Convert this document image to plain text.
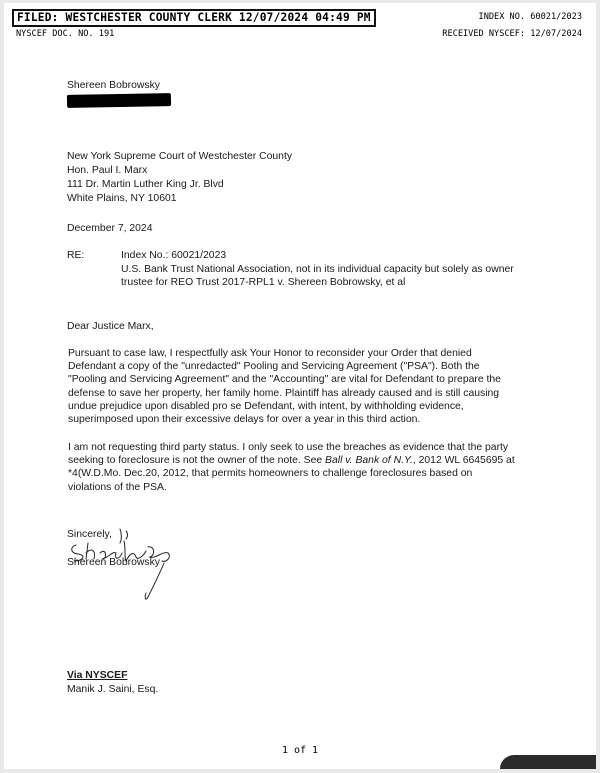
FILED: WESTCHESTER COUNTY CLERK 12/07/2024 04:49 PM	INDEX NO. 60021/2023
NYSCEF DOC. NO. 191	RECEIVED NYSCEF: 12/07/2024
Shereen Bobrowsky
New York Supreme Court of Westchester County
Hon. Paul I. Marx
111 Dr. Martin Luther King Jr. Blvd
White Plains, NY 10601
December 7, 2024
RE:	Index No.: 60021/2023
U.S. Bank Trust National Association, not in its individual capacity but solely as owner
trustee for REO Trust 2017-RPL1 v. Shereen Bobrowsky, et al
Dear Justice Marx,
Pursuant to case law, I respectfully ask Your Honor to reconsider your Order that denied
Defendant a copy of the "unredacted" Pooling and Servicing Agreement ("PSA"). Both the
"Pooling and Servicing Agreement" and the "Accounting" are vital for Defendant to prepare the
defense to save her property, her family home. Plaintiff has already caused and is still causing
undue prejudice upon disabled pro se Defendant, with intent, by withholding evidence,
superimposed upon their excessive delays for over a year in this third action.
I am not requesting third party status. I only seek to use the breaches as evidence that the party
seeking to foreclosure is not the owner of the note. See Ball v. Bank of N.Y., 2012 WL 6645695 at
*4(W.D.Mo. Dec.20, 2012, that permits homeowners to challenge foreclosures based on
violations of the PSA.
Sincerely,
Shereen Bobrowsky
Via NYSCEF
Manik J. Saini, Esq.
1 of 1
